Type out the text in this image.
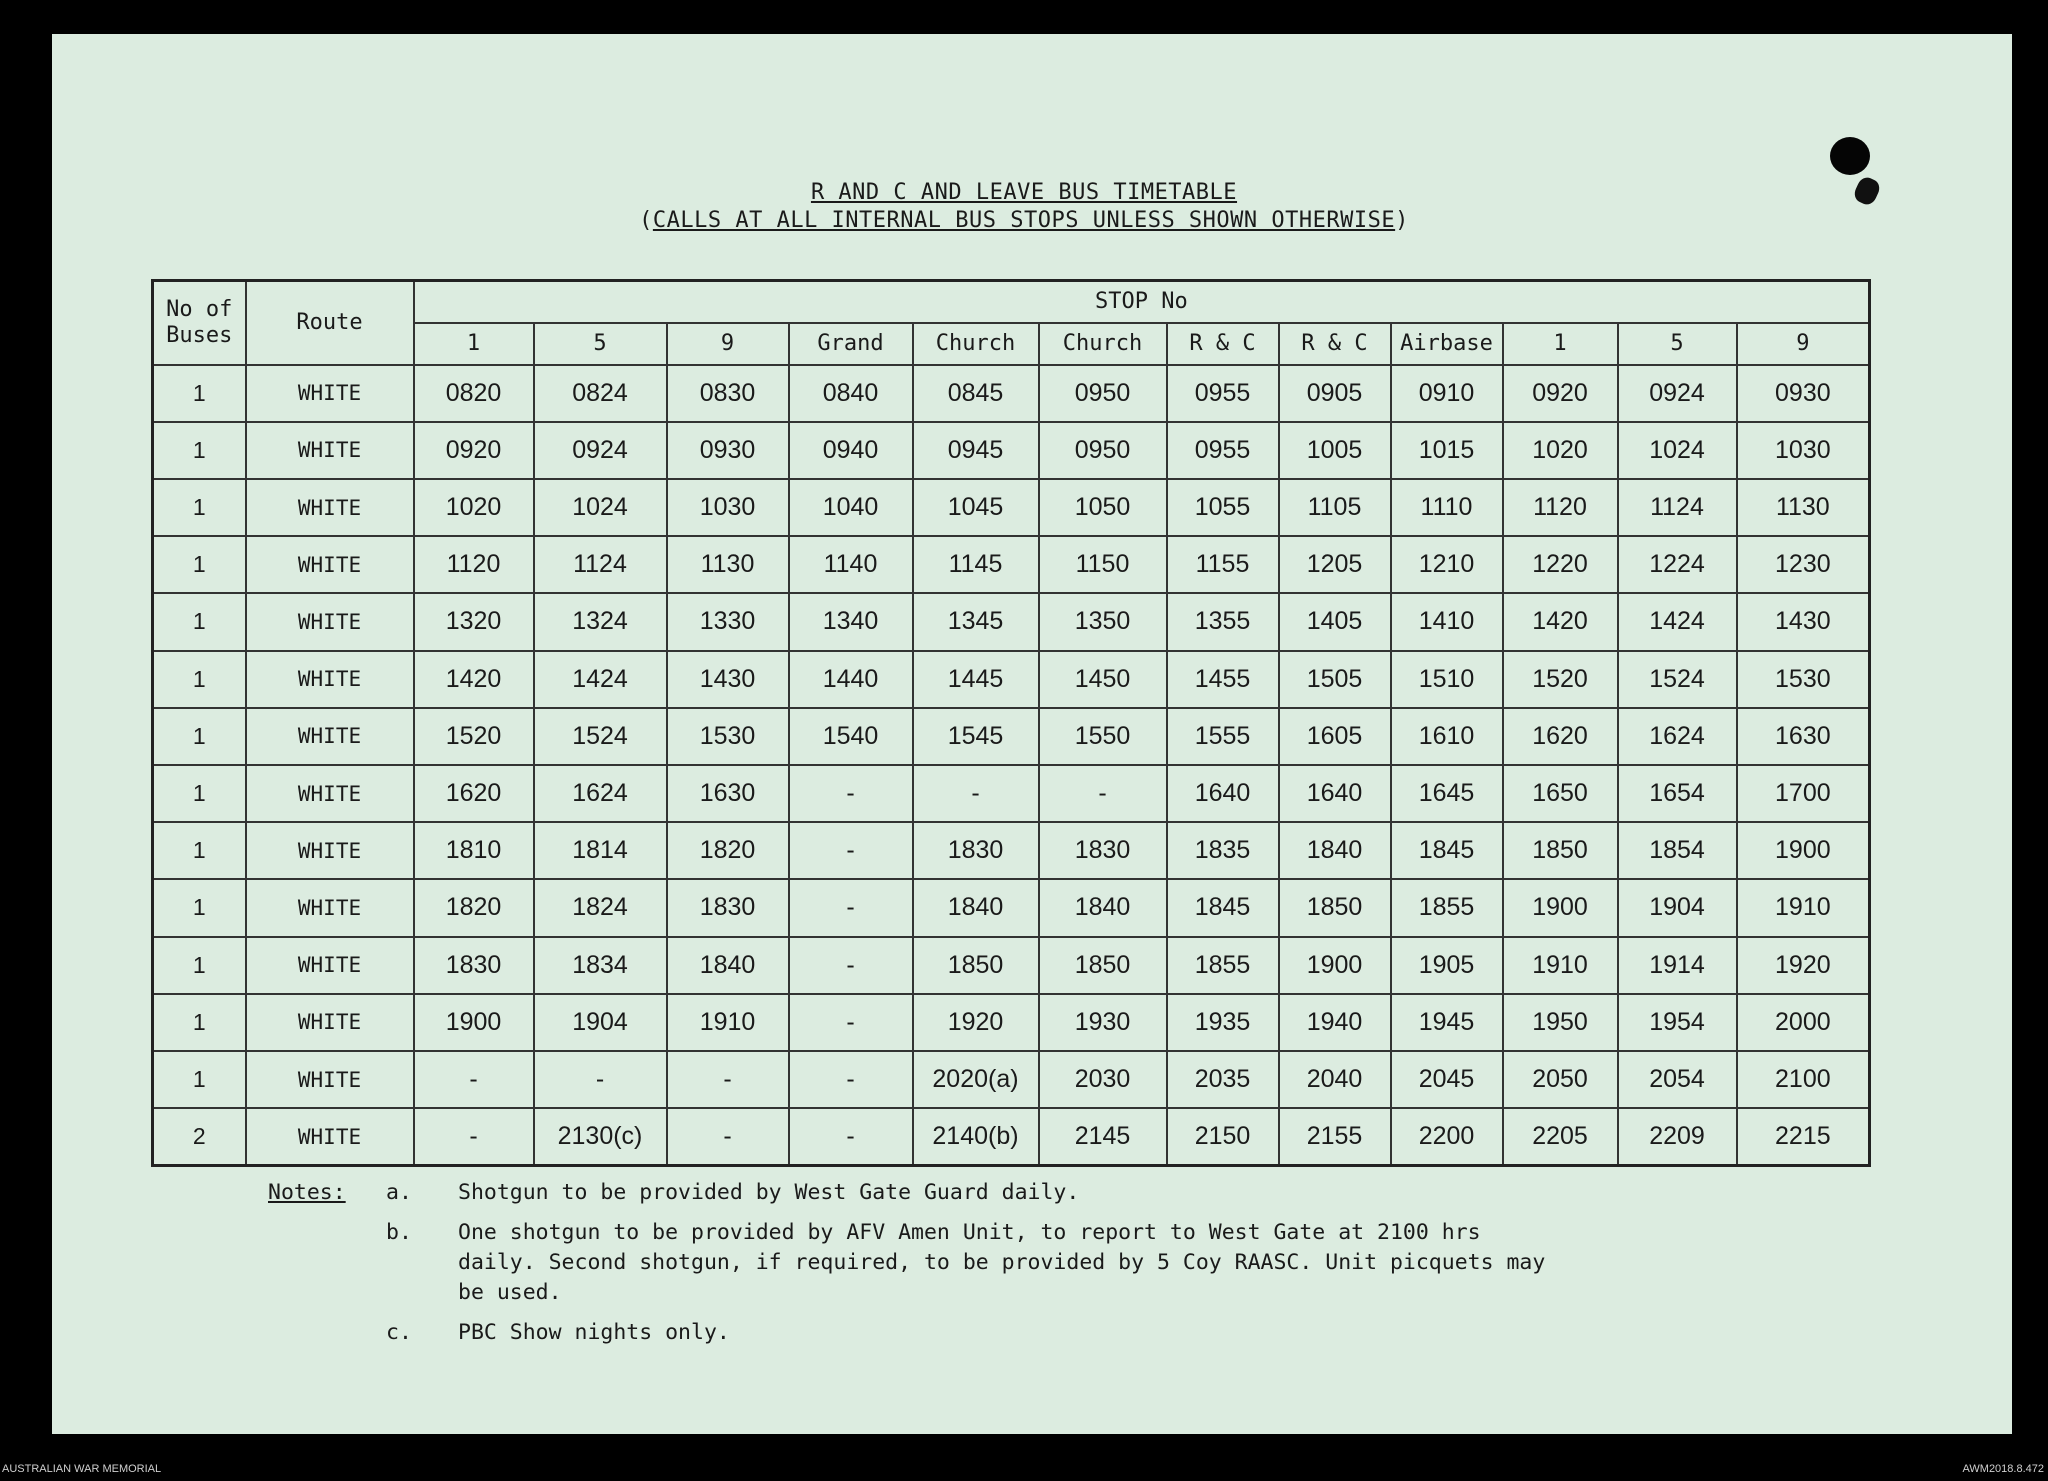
R AND C AND LEAVE BUS TIMETABLE
(CALLS AT ALL INTERNAL BUS STOPS UNLESS SHOWN OTHERWISE)
No of Buses	Route	STOP No											
		1	5	9	Grand	Church	Church	R & C	R & C	Airbase	1	5	9
1	WHITE	0820	0824	0830	0840	0845	0950	0955	0905	0910	0920	0924	0930
1	WHITE	0920	0924	0930	0940	0945	0950	0955	1005	1015	1020	1024	1030
1	WHITE	1020	1024	1030	1040	1045	1050	1055	1105	1110	1120	1124	1130
1	WHITE	1120	1124	1130	1140	1145	1150	1155	1205	1210	1220	1224	1230
1	WHITE	1320	1324	1330	1340	1345	1350	1355	1405	1410	1420	1424	1430
1	WHITE	1420	1424	1430	1440	1445	1450	1455	1505	1510	1520	1524	1530
1	WHITE	1520	1524	1530	1540	1545	1550	1555	1605	1610	1620	1624	1630
1	WHITE	1620	1624	1630	-	-	-	1640	1640	1645	1650	1654	1700
1	WHITE	1810	1814	1820	-	1830	1830	1835	1840	1845	1850	1854	1900
1	WHITE	1820	1824	1830	-	1840	1840	1845	1850	1855	1900	1904	1910
1	WHITE	1830	1834	1840	-	1850	1850	1855	1900	1905	1910	1914	1920
1	WHITE	1900	1904	1910	-	1920	1930	1935	1940	1945	1950	1954	2000
1	WHITE	-	-	-	-	2020(a)	2030	2035	2040	2045	2050	2054	2100
2	WHITE	-	2130(c)	-	-	2140(b)	2145	2150	2155	2200	2205	2209	2215
Notes: a. Shotgun to be provided by West Gate Guard daily.
b. One shotgun to be provided by AFV Amen Unit, to report to West Gate at 2100 hrs daily. Second shotgun, if required, to be provided by 5 Coy RAASC. Unit picquets may be used.
c. PBC Show nights only.
AUSTRALIAN WAR MEMORIAL	AWM2018.8.472
